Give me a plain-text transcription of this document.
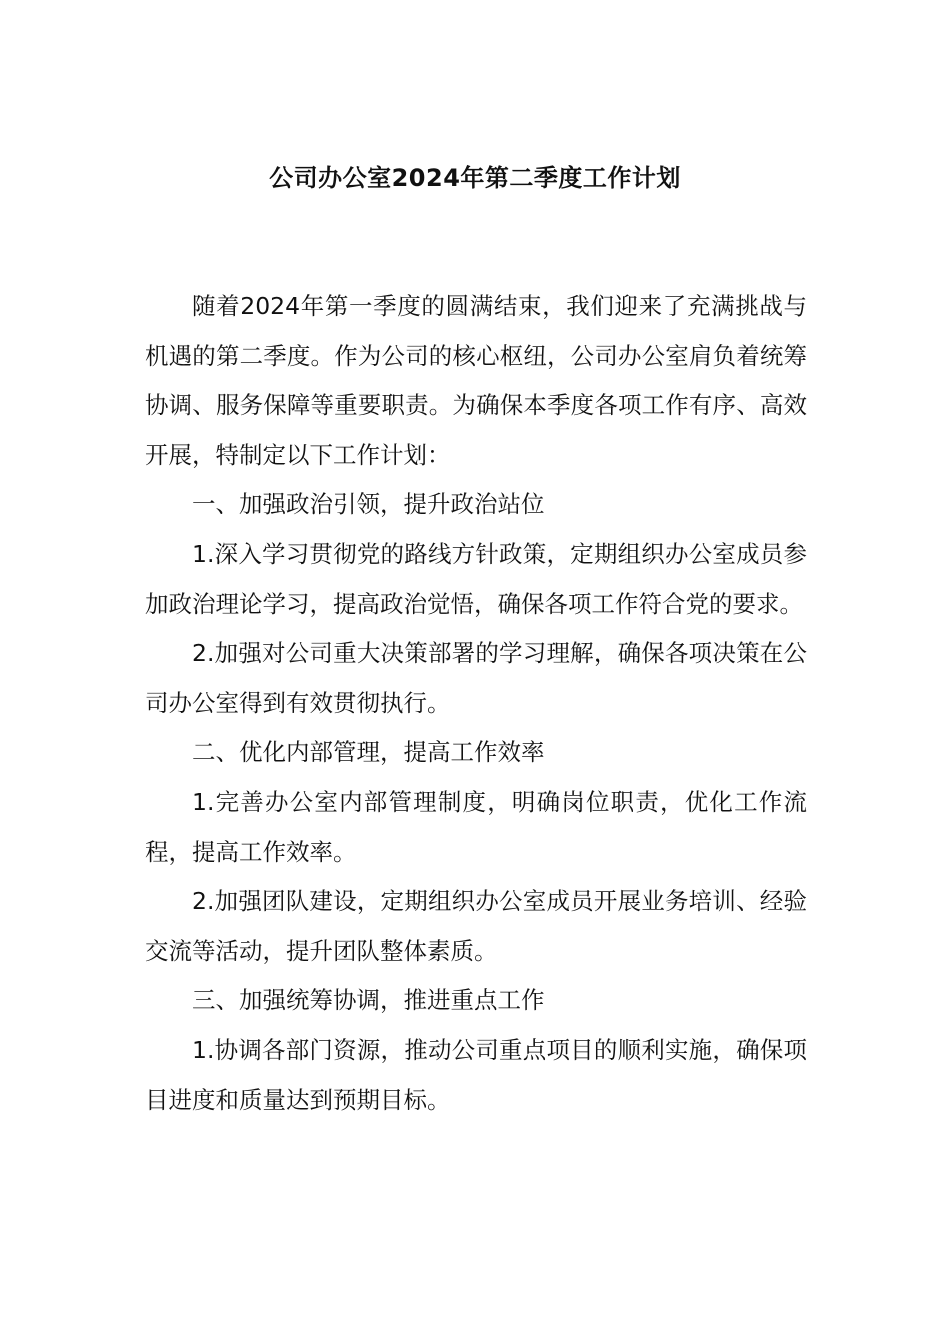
公司办公室2024年第二季度工作计划

随着2024年第一季度的圆满结束，我们迎来了充满挑战与机遇的第二季度。作为公司的核心枢纽，公司办公室肩负着统筹协调、服务保障等重要职责。为确保本季度各项工作有序、高效开展，特制定以下工作计划：

一、加强政治引领，提升政治站位

1.深入学习贯彻党的路线方针政策，定期组织办公室成员参加政治理论学习，提高政治觉悟，确保各项工作符合党的要求。

2.加强对公司重大决策部署的学习理解，确保各项决策在公司办公室得到有效贯彻执行。

二、优化内部管理，提高工作效率

1.完善办公室内部管理制度，明确岗位职责，优化工作流程，提高工作效率。

2.加强团队建设，定期组织办公室成员开展业务培训、经验交流等活动，提升团队整体素质。

三、加强统筹协调，推进重点工作

1.协调各部门资源，推动公司重点项目的顺利实施，确保项目进度和质量达到预期目标。
